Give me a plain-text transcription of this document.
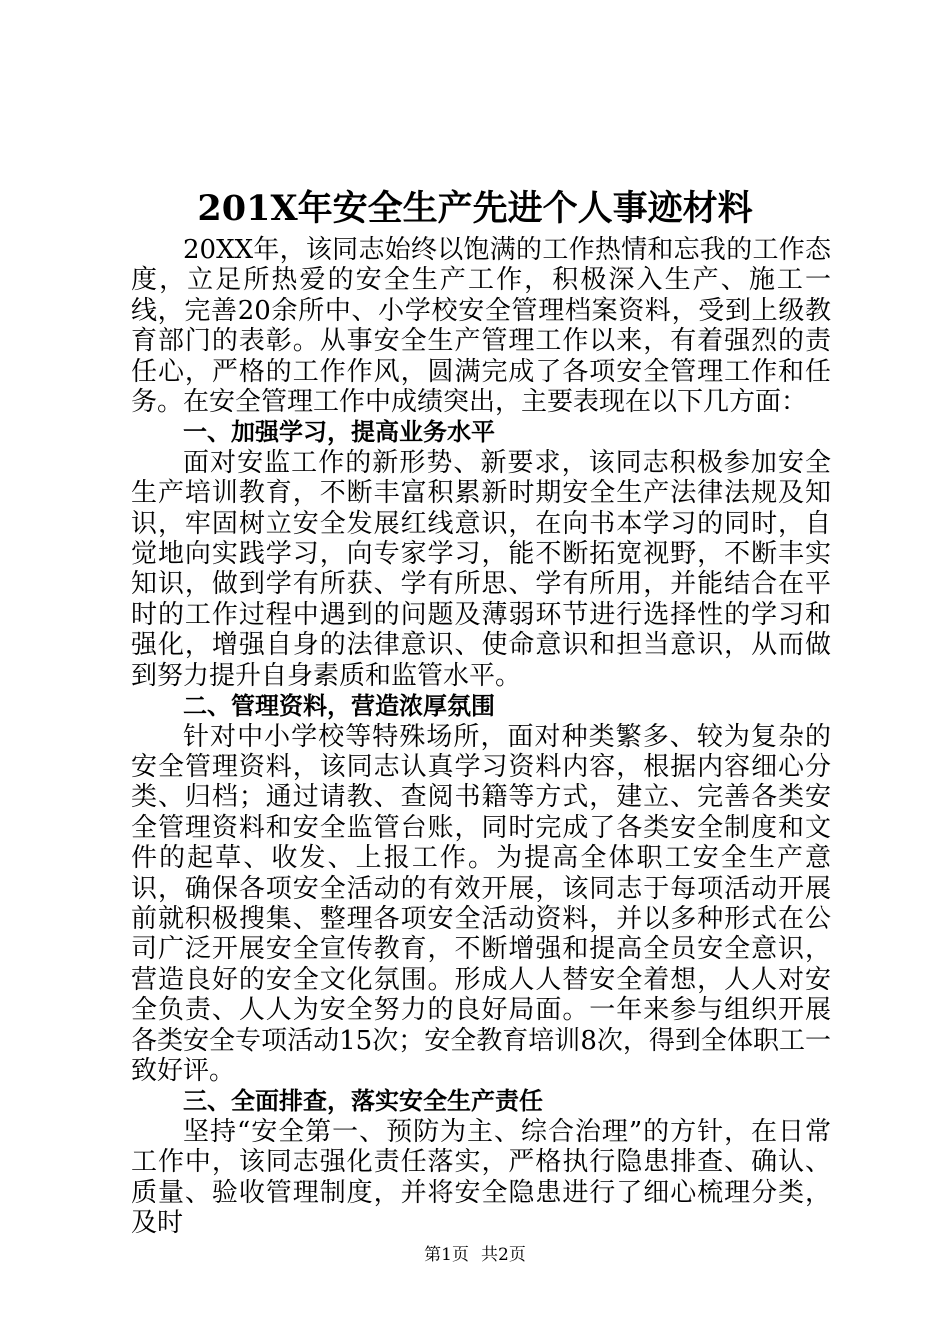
201X年安全生产先进个人事迹材料

20XX年，该同志始终以饱满的工作热情和忘我的工作态度，立足所热爱的安全生产工作，积极深入生产、施工一线，完善20余所中、小学校安全管理档案资料，受到上级教育部门的表彰。从事安全生产管理工作以来，有着强烈的责任心，严格的工作作风，圆满完成了各项安全管理工作和任务。在安全管理工作中成绩突出，主要表现在以下几方面：

一、加强学习，提高业务水平

面对安监工作的新形势、新要求，该同志积极参加安全生产培训教育，不断丰富积累新时期安全生产法律法规及知识，牢固树立安全发展红线意识，在向书本学习的同时，自觉地向实践学习，向专家学习，能不断拓宽视野，不断丰实知识，做到学有所获、学有所思、学有所用，并能结合在平时的工作过程中遇到的问题及薄弱环节进行选择性的学习和强化，增强自身的法律意识、使命意识和担当意识，从而做到努力提升自身素质和监管水平。

二、管理资料，营造浓厚氛围

针对中小学校等特殊场所，面对种类繁多、较为复杂的安全管理资料，该同志认真学习资料内容，根据内容细心分类、归档；通过请教、查阅书籍等方式，建立、完善各类安全管理资料和安全监管台账，同时完成了各类安全制度和文件的起草、收发、上报工作。为提高全体职工安全生产意识，确保各项安全活动的有效开展，该同志于每项活动开展前就积极搜集、整理各项安全活动资料，并以多种形式在公司广泛开展安全宣传教育，不断增强和提高全员安全意识，营造良好的安全文化氛围。形成人人替安全着想，人人对安全负责、人人为安全努力的良好局面。一年来参与组织开展各类安全专项活动15次；安全教育培训8次，得到全体职工一致好评。

三、全面排查，落实安全生产责任

坚持“安全第一、预防为主、综合治理”的方针，在日常工作中，该同志强化责任落实，严格执行隐患排查、确认、质量、验收管理制度，并将安全隐患进行了细心梳理分类，及时

第1页 共2页
